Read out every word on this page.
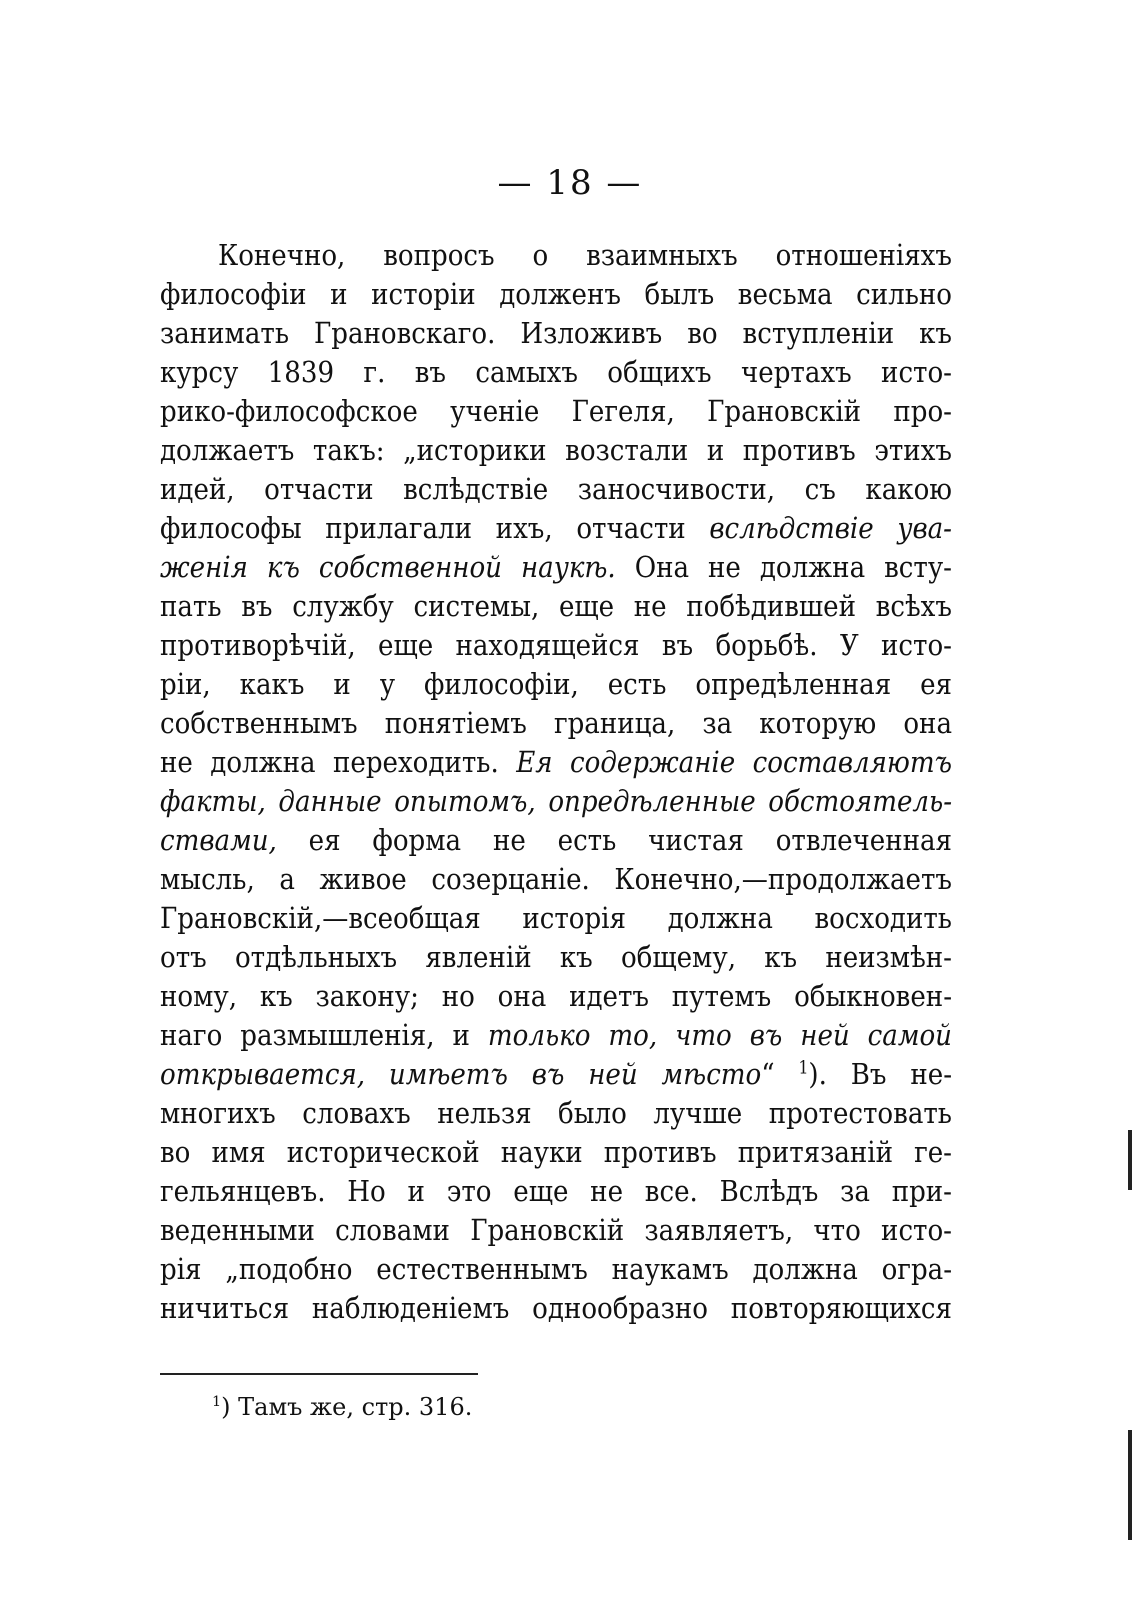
— 18 —
Конечно, вопросъ о взаимныхъ отношеніяхъ
философіи и исторіи долженъ былъ весьма сильно
занимать Грановскаго. Изложивъ во вступленіи къ
курсу 1839 г. въ самыхъ общихъ чертахъ исто-
рико-философское ученіе Гегеля, Грановскій про-
должаетъ такъ: „историки возстали и противъ этихъ
идей, отчасти вслѣдствіе заносчивости, съ какою
философы прилагали ихъ, отчасти вслѣдствіе ува-
женія къ собственной наукѣ. Она не должна всту-
пать въ службу системы, еще не побѣдившей всѣхъ
противорѣчій, еще находящейся въ борьбѣ. У исто-
ріи, какъ и у философіи, есть опредѣленная ея
собственнымъ понятіемъ граница, за которую она
не должна переходить. Ея содержаніе составляютъ
факты, данные опытомъ, опредѣленные обстоятель-
ствами, ея форма не есть чистая отвлеченная
мысль, а живое созерцаніе. Конечно,—продолжаетъ
Грановскій,—всеобщая исторія должна восходить
отъ отдѣльныхъ явленій къ общему, къ неизмѣн-
ному, къ закону; но она идетъ путемъ обыкновен-
наго размышленія, и только то, что въ ней самой
открывается, имѣетъ въ ней мѣсто“ $^1$). Въ не-
многихъ словахъ нельзя было лучше протестовать
во имя исторической науки противъ притязаній ге-
гельянцевъ. Но и это еще не все. Вслѣдъ за при-
веденными словами Грановскій заявляетъ, что исто-
рія „подобно естественнымъ наукамъ должна огра-
ничиться наблюденіемъ однообразно повторяющихся
$^1$) Тамъ же, стр. 316.
